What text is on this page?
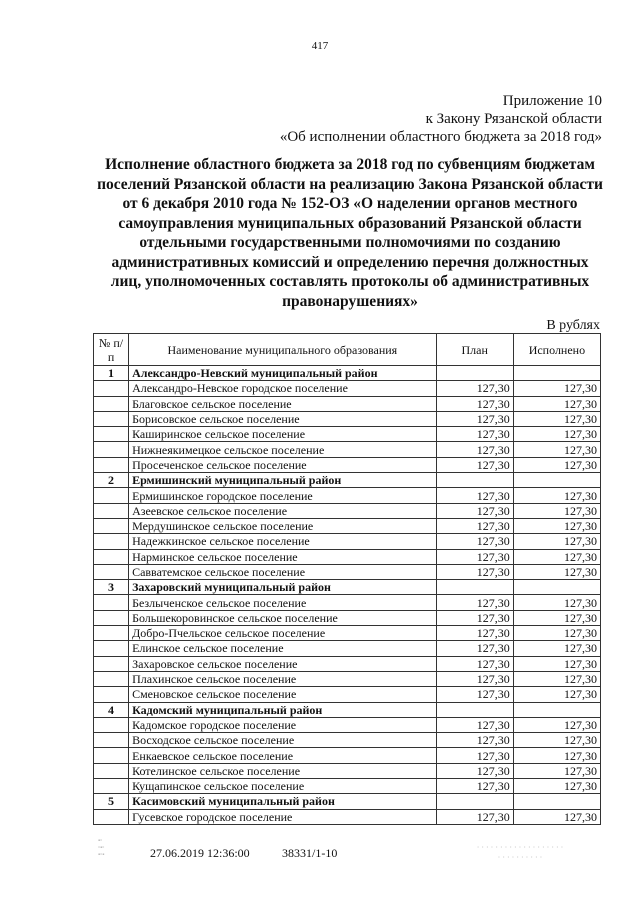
417
Приложение 10
к Закону Рязанской области
«Об исполнении областного бюджета за 2018 год»
Исполнение областного бюджета за 2018 год по субвенциям бюджетам поселений Рязанской области на реализацию Закона Рязанской области от 6 декабря 2010 года № 152-ОЗ «О наделении органов местного самоуправления муниципальных образований Рязанской области отдельными государственными полномочиями по созданию административных комиссий и определению перечня должностных лиц, уполномоченных составлять протоколы об административных правонарушениях»
В рублях
№ п/п	Наименование муниципального образования	План	Исполнено
1	Александро-Невский муниципальный район		
	Александро-Невское городское поселение	127,30	127,30
	Благовское сельское поселение	127,30	127,30
	Борисовское сельское поселение	127,30	127,30
	Каширинское сельское поселение	127,30	127,30
	Нижнеякимецкое сельское поселение	127,30	127,30
	Просеченское сельское поселение	127,30	127,30
2	Ермишинский муниципальный район		
	Ермишинское городское поселение	127,30	127,30
	Азеевское сельское поселение	127,30	127,30
	Мердушинское сельское поселение	127,30	127,30
	Надежкинское сельское поселение	127,30	127,30
	Нарминское сельское поселение	127,30	127,30
	Савватемское сельское поселение	127,30	127,30
3	Захаровский муниципальный район		
	Безлыченское сельское поселение	127,30	127,30
	Большекоровинское сельское поселение	127,30	127,30
	Добро-Пчельское сельское поселение	127,30	127,30
	Елинское сельское поселение	127,30	127,30
	Захаровское сельское поселение	127,30	127,30
	Плахинское сельское поселение	127,30	127,30
	Сменовское сельское поселение	127,30	127,30
4	Кадомский муниципальный район		
	Кадомское городское поселение	127,30	127,30
	Восходское сельское поселение	127,30	127,30
	Енкаевское сельское поселение	127,30	127,30
	Котелинское сельское поселение	127,30	127,30
	Кущапинское сельское поселение	127,30	127,30
5	Касимовский муниципальный район		
	Гусевское городское поселение	127,30	127,30
▪▫
▫▪▫
▪▫▪	27.06.2019 12:36:00	38331/1-10	· · · · · · · · · · · · · · · · · · ·
· · · · · · · · · ·
